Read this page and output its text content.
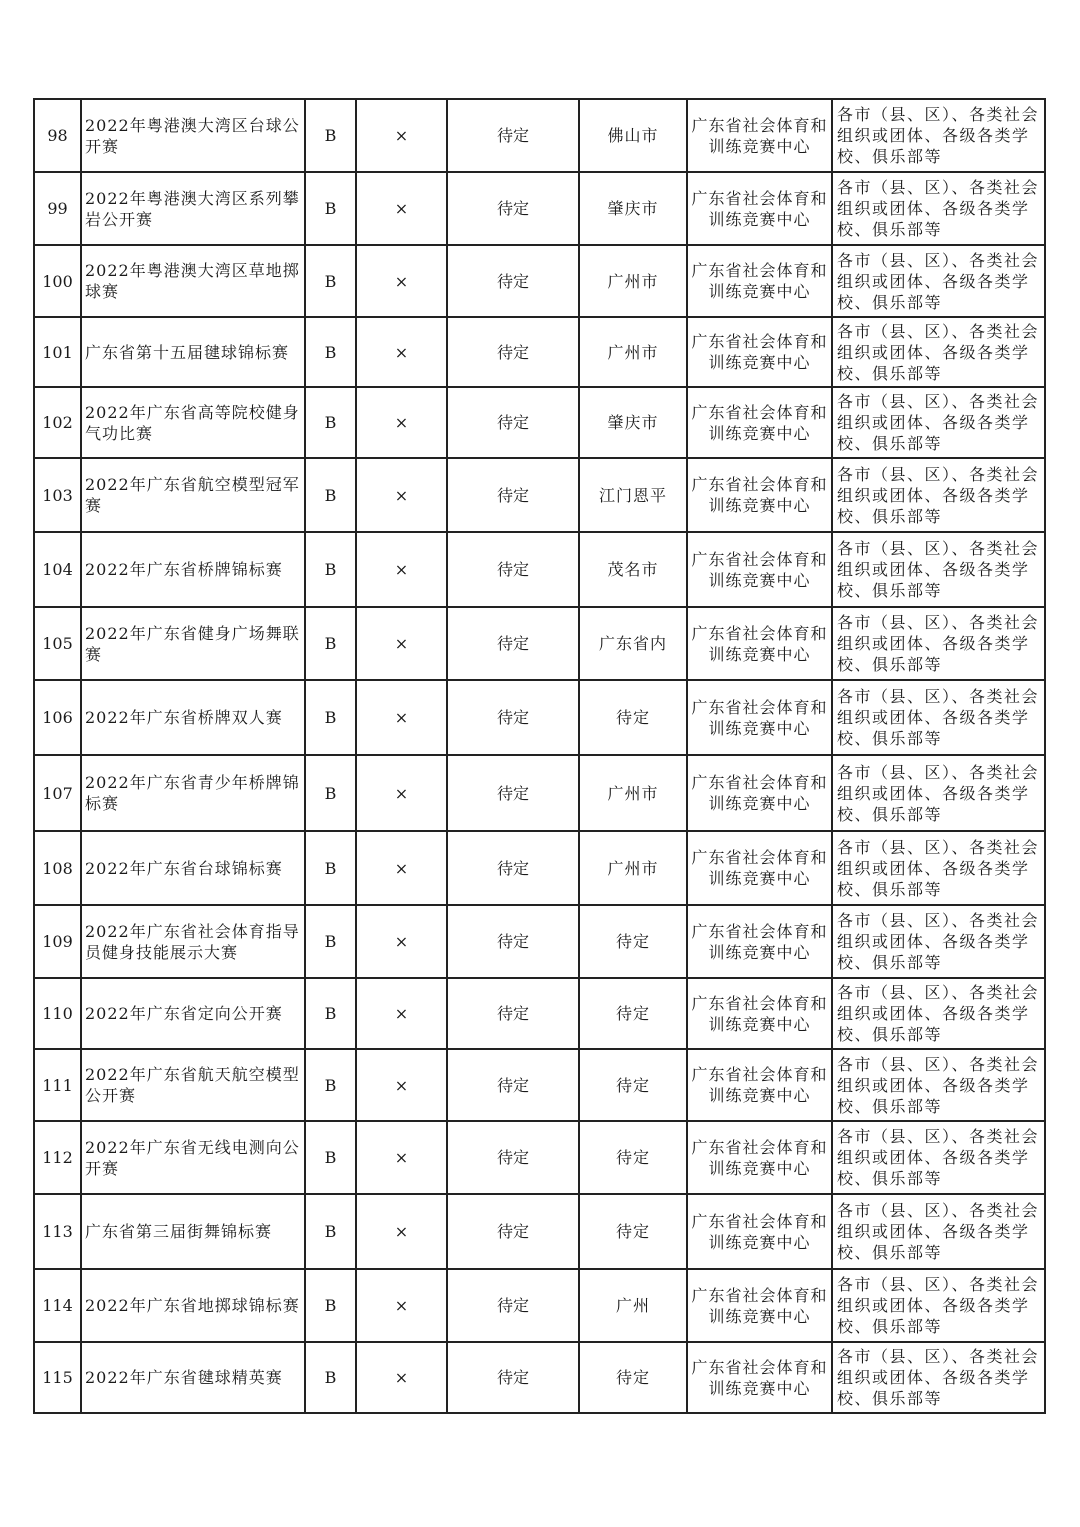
98	2022年粤港澳大湾区台球公开赛	B	×	待定	佛山市	广东省社会体育和训练竞赛中心	各市（县、区）、各类社会组织或团体、各级各类学校、俱乐部等
99	2022年粤港澳大湾区系列攀岩公开赛	B	×	待定	肇庆市	广东省社会体育和训练竞赛中心	各市（县、区）、各类社会组织或团体、各级各类学校、俱乐部等
100	2022年粤港澳大湾区草地掷球赛	B	×	待定	广州市	广东省社会体育和训练竞赛中心	各市（县、区）、各类社会组织或团体、各级各类学校、俱乐部等
101	广东省第十五届毽球锦标赛	B	×	待定	广州市	广东省社会体育和训练竞赛中心	各市（县、区）、各类社会组织或团体、各级各类学校、俱乐部等
102	2022年广东省高等院校健身气功比赛	B	×	待定	肇庆市	广东省社会体育和训练竞赛中心	各市（县、区）、各类社会组织或团体、各级各类学校、俱乐部等
103	2022年广东省航空模型冠军赛	B	×	待定	江门恩平	广东省社会体育和训练竞赛中心	各市（县、区）、各类社会组织或团体、各级各类学校、俱乐部等
104	2022年广东省桥牌锦标赛	B	×	待定	茂名市	广东省社会体育和训练竞赛中心	各市（县、区）、各类社会组织或团体、各级各类学校、俱乐部等
105	2022年广东省健身广场舞联赛	B	×	待定	广东省内	广东省社会体育和训练竞赛中心	各市（县、区）、各类社会组织或团体、各级各类学校、俱乐部等
106	2022年广东省桥牌双人赛	B	×	待定	待定	广东省社会体育和训练竞赛中心	各市（县、区）、各类社会组织或团体、各级各类学校、俱乐部等
107	2022年广东省青少年桥牌锦标赛	B	×	待定	广州市	广东省社会体育和训练竞赛中心	各市（县、区）、各类社会组织或团体、各级各类学校、俱乐部等
108	2022年广东省台球锦标赛	B	×	待定	广州市	广东省社会体育和训练竞赛中心	各市（县、区）、各类社会组织或团体、各级各类学校、俱乐部等
109	2022年广东省社会体育指导员健身技能展示大赛	B	×	待定	待定	广东省社会体育和训练竞赛中心	各市（县、区）、各类社会组织或团体、各级各类学校、俱乐部等
110	2022年广东省定向公开赛	B	×	待定	待定	广东省社会体育和训练竞赛中心	各市（县、区）、各类社会组织或团体、各级各类学校、俱乐部等
111	2022年广东省航天航空模型公开赛	B	×	待定	待定	广东省社会体育和训练竞赛中心	各市（县、区）、各类社会组织或团体、各级各类学校、俱乐部等
112	2022年广东省无线电测向公开赛	B	×	待定	待定	广东省社会体育和训练竞赛中心	各市（县、区）、各类社会组织或团体、各级各类学校、俱乐部等
113	广东省第三届街舞锦标赛	B	×	待定	待定	广东省社会体育和训练竞赛中心	各市（县、区）、各类社会组织或团体、各级各类学校、俱乐部等
114	2022年广东省地掷球锦标赛	B	×	待定	广州	广东省社会体育和训练竞赛中心	各市（县、区）、各类社会组织或团体、各级各类学校、俱乐部等
115	2022年广东省毽球精英赛	B	×	待定	待定	广东省社会体育和训练竞赛中心	各市（县、区）、各类社会组织或团体、各级各类学校、俱乐部等
